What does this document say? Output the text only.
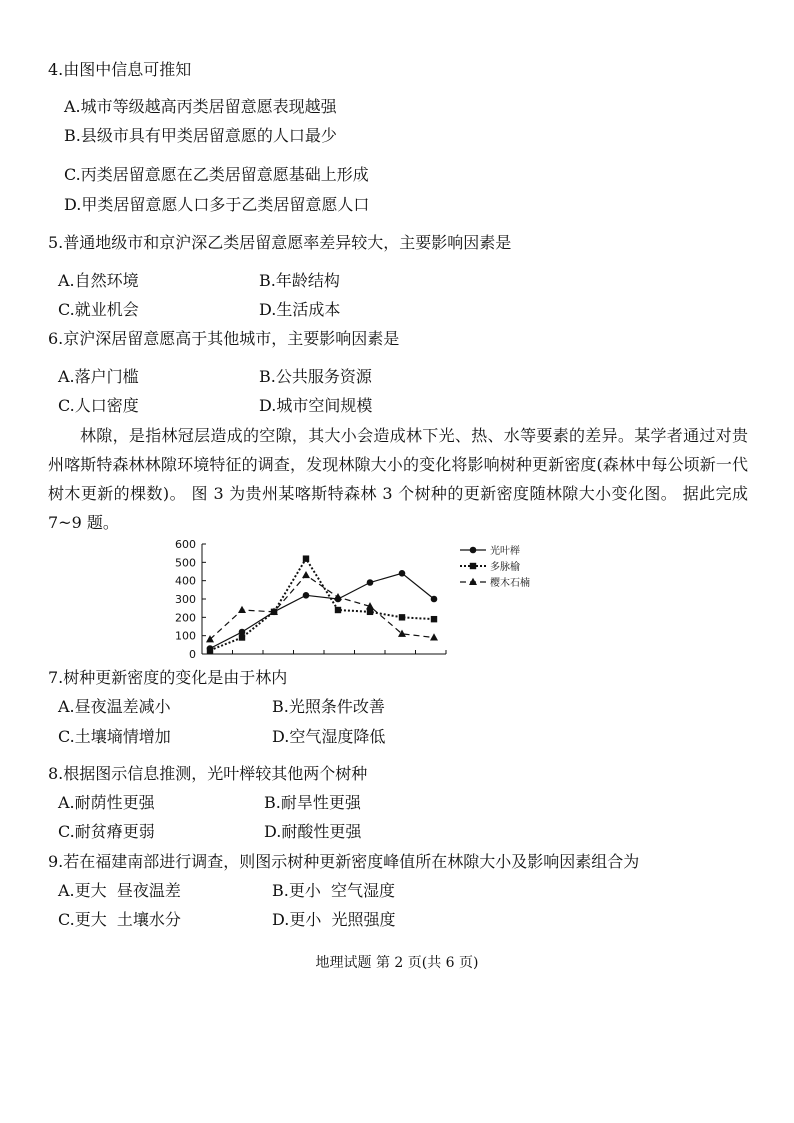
4.由图中信息可推知
A.城市等级越高丙类居留意愿表现越强
B.县级市具有甲类居留意愿的人口最少
C.丙类居留意愿在乙类居留意愿基础上形成
D.甲类居留意愿人口多于乙类居留意愿人口
5.普通地级市和京沪深乙类居留意愿率差异较大，主要影响因素是
A.自然环境	B.年龄结构
C.就业机会	D.生活成本
6.京沪深居留意愿高于其他城市，主要影响因素是
A.落户门槛	B.公共服务资源
C.人口密度	D.城市空间规模
林隙，是指林冠层造成的空隙，其大小会造成林下光、热、水等要素的差异。某学者通过对贵州喀斯特森林林隙环境特征的调查，发现林隙大小的变化将影响树种更新密度(森林中每公顷新一代树木更新的棵数)。 图 3 为贵州某喀斯特森林 3 个树种的更新密度随林隙大小变化图。 据此完成 7~9 题。
600
500
400
300
200
100
0
光叶榉
多脉榆
樱木石楠
7.树种更新密度的变化是由于林内
A.昼夜温差减小	B.光照条件改善
C.土壤墒情增加	D.空气湿度降低
8.根据图示信息推测，光叶榉较其他两个树种
A.耐荫性更强	B.耐旱性更强
C.耐贫瘠更弱	D.耐酸性更强
9.若在福建南部进行调查，则图示树种更新密度峰值所在林隙大小及影响因素组合为
A.更大  昼夜温差	B.更小  空气湿度
C.更大  土壤水分	D.更小  光照强度
地理试题 第 2 页(共 6 页)
